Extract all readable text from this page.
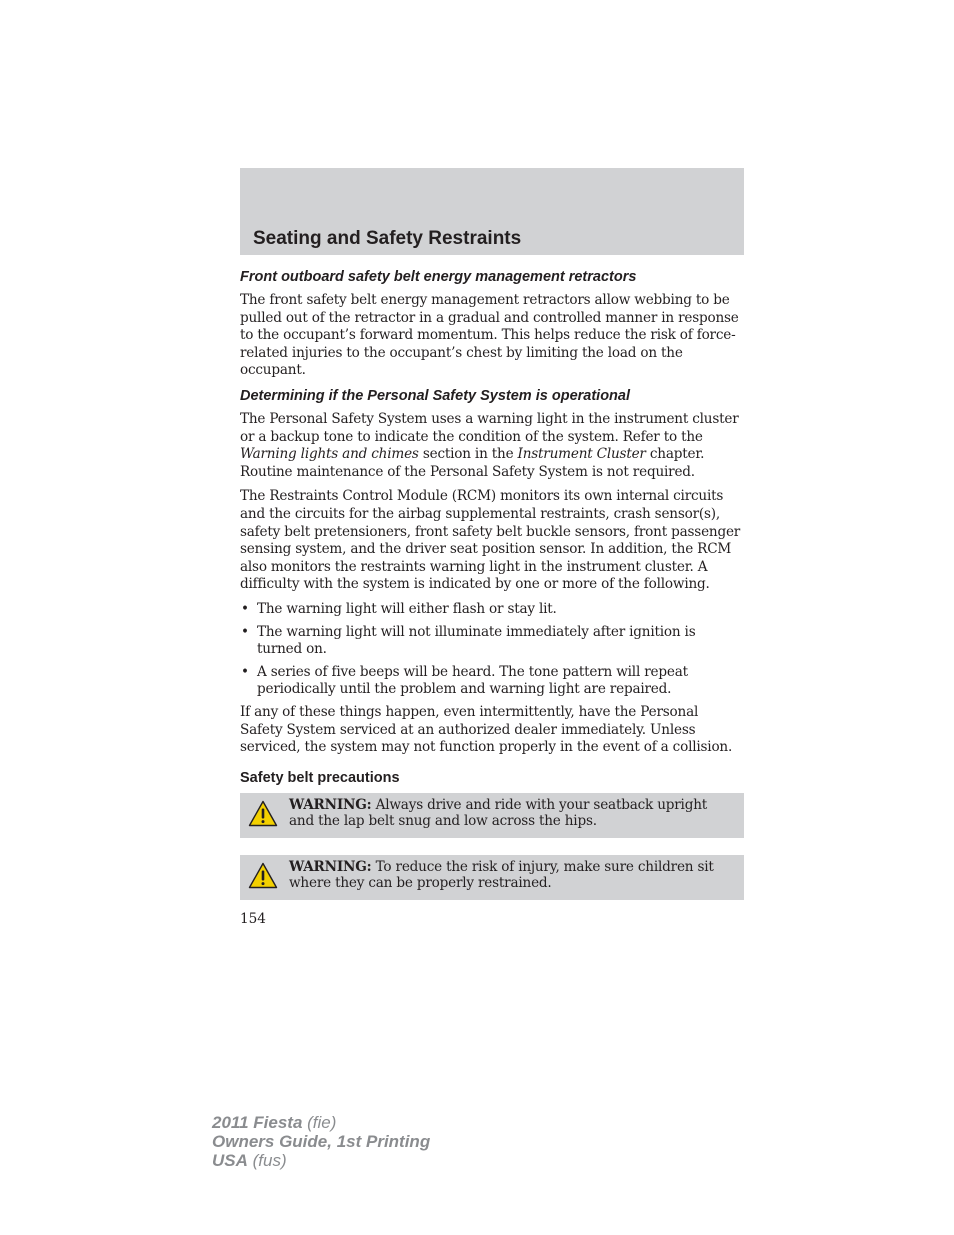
Seating and Safety Restraints
Front outboard safety belt energy management retractors

The front safety belt energy management retractors allow webbing to be pulled out of the retractor in a gradual and controlled manner in response to the occupant’s forward momentum. This helps reduce the risk of force-related injuries to the occupant’s chest by limiting the load on the occupant.

Determining if the Personal Safety System is operational

The Personal Safety System uses a warning light in the instrument cluster or a backup tone to indicate the condition of the system. Refer to the Warning lights and chimes section in the Instrument Cluster chapter. Routine maintenance of the Personal Safety System is not required.

The Restraints Control Module (RCM) monitors its own internal circuits and the circuits for the airbag supplemental restraints, crash sensor(s), safety belt pretensioners, front safety belt buckle sensors, front passenger sensing system, and the driver seat position sensor. In addition, the RCM also monitors the restraints warning light in the instrument cluster. A difficulty with the system is indicated by one or more of the following.

• The warning light will either flash or stay lit.
• The warning light will not illuminate immediately after ignition is turned on.
• A series of five beeps will be heard. The tone pattern will repeat periodically until the problem and warning light are repaired.

If any of these things happen, even intermittently, have the Personal Safety System serviced at an authorized dealer immediately. Unless serviced, the system may not function properly in the event of a collision.

Safety belt precautions
WARNING: Always drive and ride with your seatback upright and the lap belt snug and low across the hips.
WARNING: To reduce the risk of injury, make sure children sit where they can be properly restrained.
154
2011 Fiesta (fie)
Owners Guide, 1st Printing
USA (fus)
